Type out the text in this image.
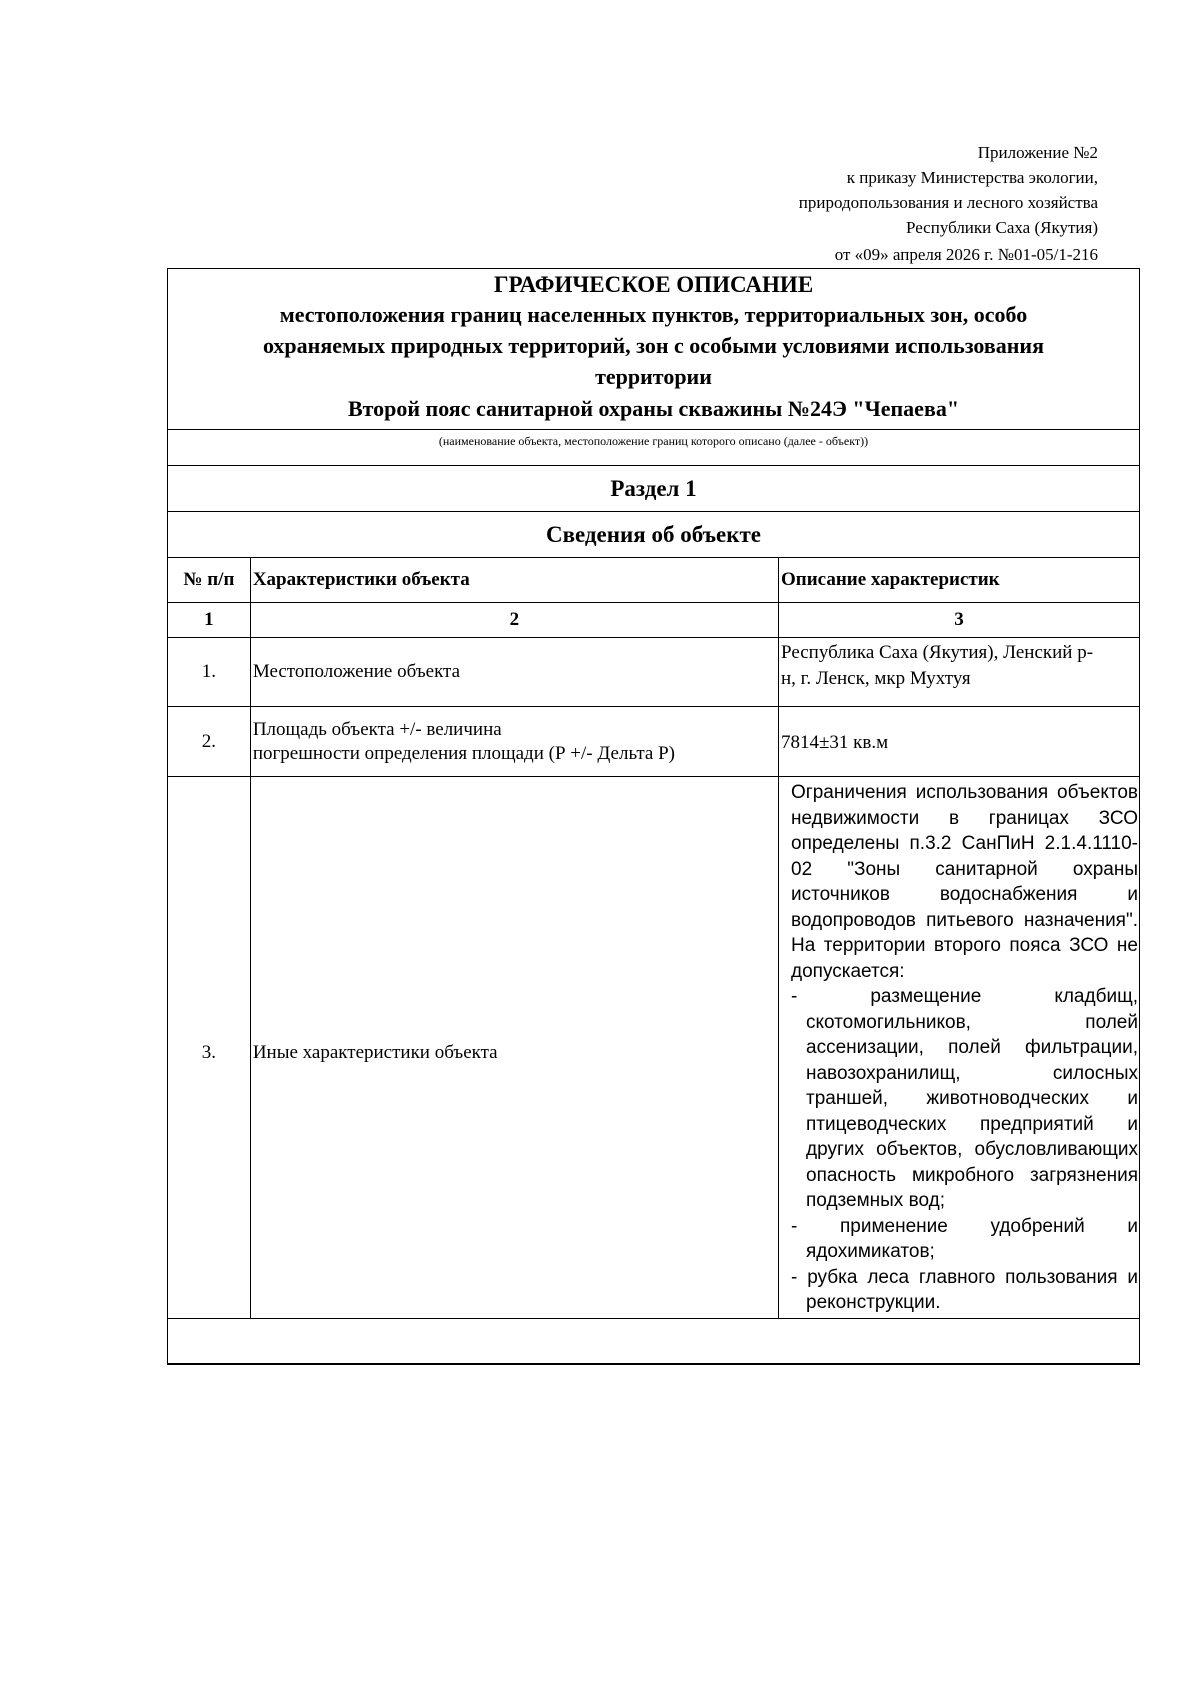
Приложение №2
к приказу Министерства экологии,
природопользования и лесного хозяйства
Республики Саха (Якутия)
от «09» апреля 2026 г. №01-05/1-216
ГРАФИЧЕСКОЕ ОПИСАНИЕ
местоположения границ населенных пунктов, территориальных зон, особо
охраняемых природных территорий, зон с особыми условиями использования
территории
Второй пояс санитарной охраны скважины №24Э "Чепаева"
(наименование объекта, местоположение границ которого описано (далее - объект))
Раздел 1
Сведения об объекте
№ п/п	Характеристики объекта	Описание характеристик
1	2	3
1.	Местоположение объекта	Республика Саха (Якутия), Ленский р-
н, г. Ленск, мкр Мухтуя

2.	Площадь объекта +/- величина
погрешности определения площади (Р +/- Дельта Р)	7814±31 кв.м
3.	Иные характеристики объекта	Ограничения использования объектов недвижимости в границах ЗСО определены п.3.2 СанПиН 2.1.4.1110-02 "Зоны санитарной охраны источников водоснабжения и водопроводов питьевого назначения". На территории второго пояса ЗСО не допускается:
- размещение кладбищ, скотомогильников, полей ассенизации, полей фильтрации, навозохранилищ, силосных траншей, животноводческих и птицеводческих предприятий и других объектов, обусловливающих опасность микробного загрязнения подземных вод;
- применение удобрений и ядохимикатов;
- рубка леса главного пользования и реконструкции.
